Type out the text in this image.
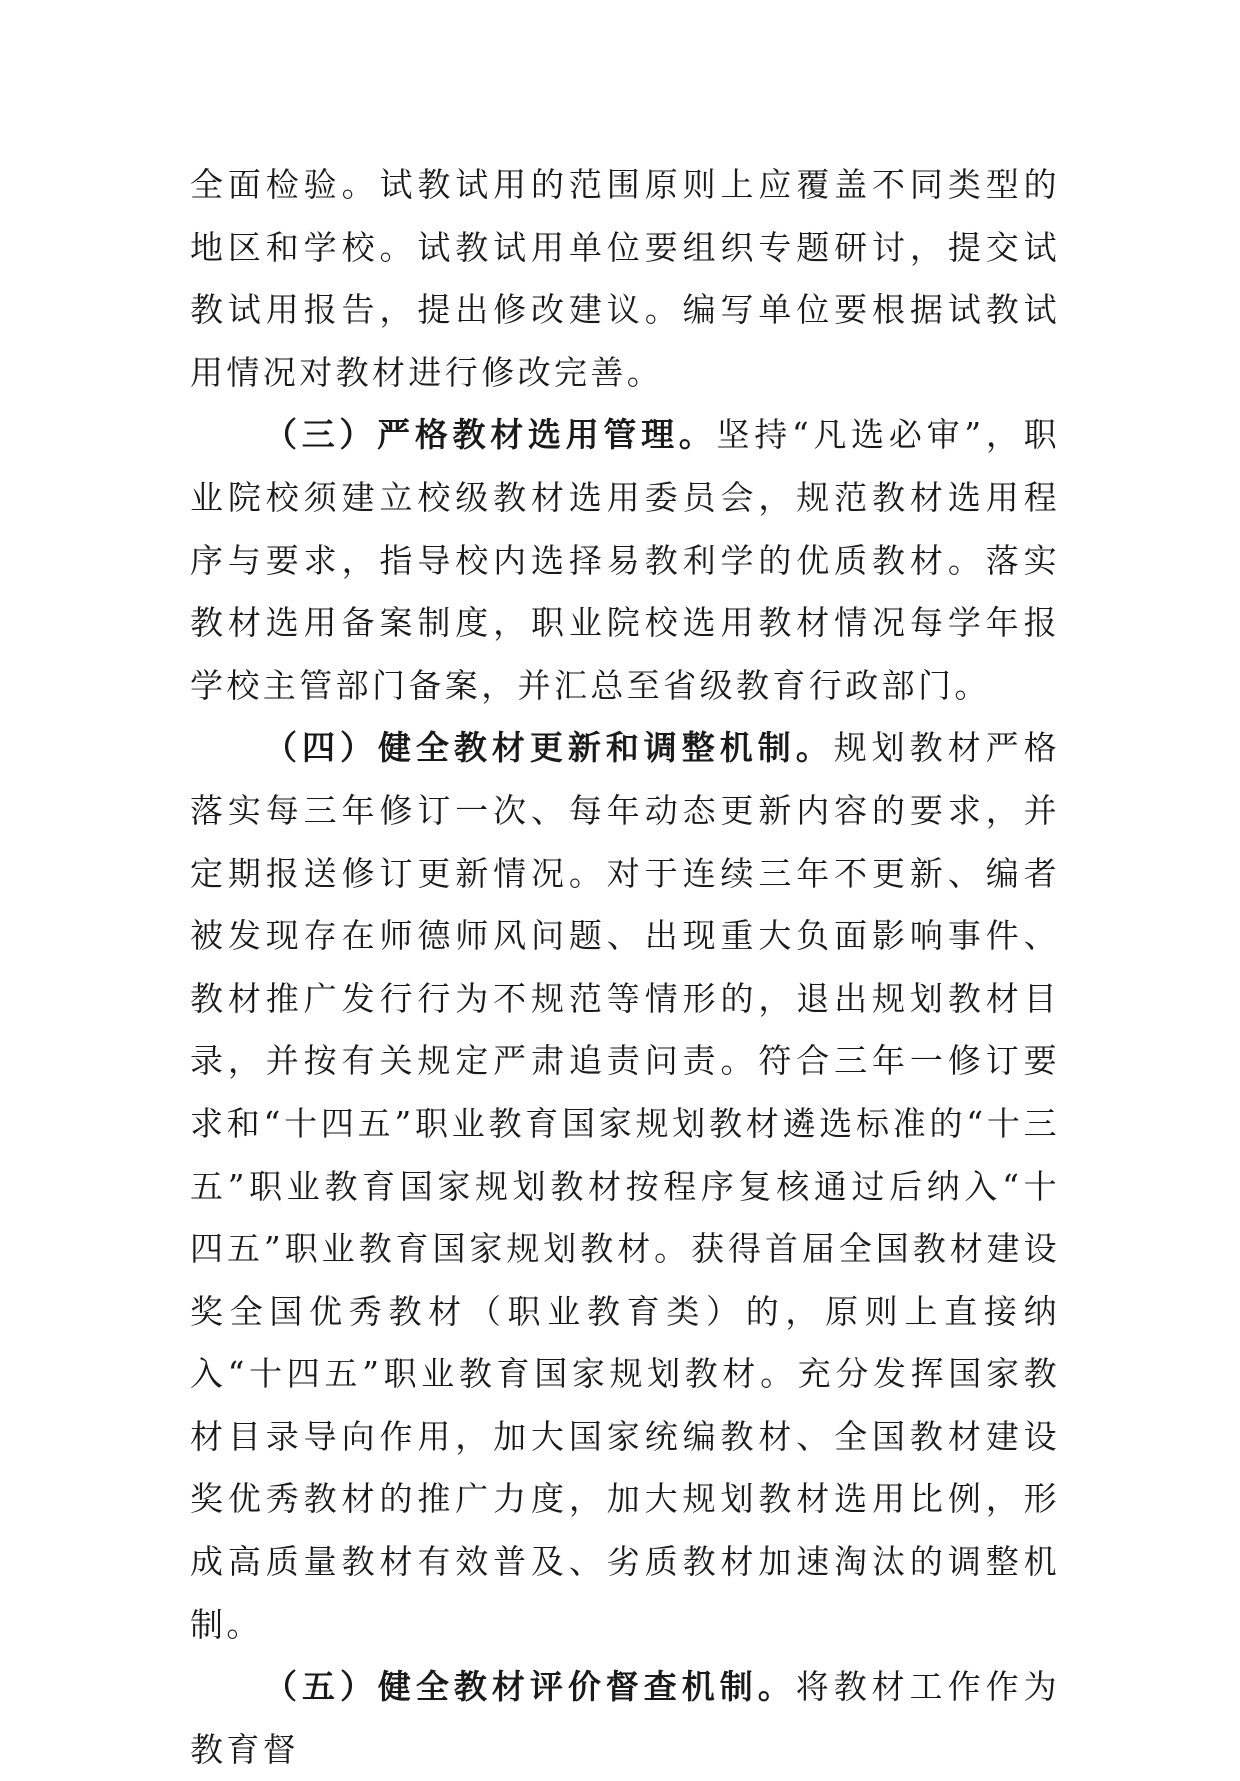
全面检验。试教试用的范围原则上应覆盖不同类型的地区和学校。试教试用单位要组织专题研讨，提交试教试用报告，提出修改建议。编写单位要根据试教试用情况对教材进行修改完善。

（三）严格教材选用管理。坚持“凡选必审”，职业院校须建立校级教材选用委员会，规范教材选用程序与要求，指导校内选择易教利学的优质教材。落实教材选用备案制度，职业院校选用教材情况每学年报学校主管部门备案，并汇总至省级教育行政部门。

（四）健全教材更新和调整机制。规划教材严格落实每三年修订一次、每年动态更新内容的要求，并定期报送修订更新情况。对于连续三年不更新、编者被发现存在师德师风问题、出现重大负面影响事件、教材推广发行行为不规范等情形的，退出规划教材目录，并按有关规定严肃追责问责。符合三年一修订要求和“十四五”职业教育国家规划教材遴选标准的“十三五”职业教育国家规划教材按程序复核通过后纳入“十四五”职业教育国家规划教材。获得首届全国教材建设奖全国优秀教材（职业教育类）的，原则上直接纳入“十四五”职业教育国家规划教材。充分发挥国家教材目录导向作用，加大国家统编教材、全国教材建设奖优秀教材的推广力度，加大规划教材选用比例，形成高质量教材有效普及、劣质教材加速淘汰的调整机制。

（五）健全教材评价督查机制。将教材工作作为教育督
